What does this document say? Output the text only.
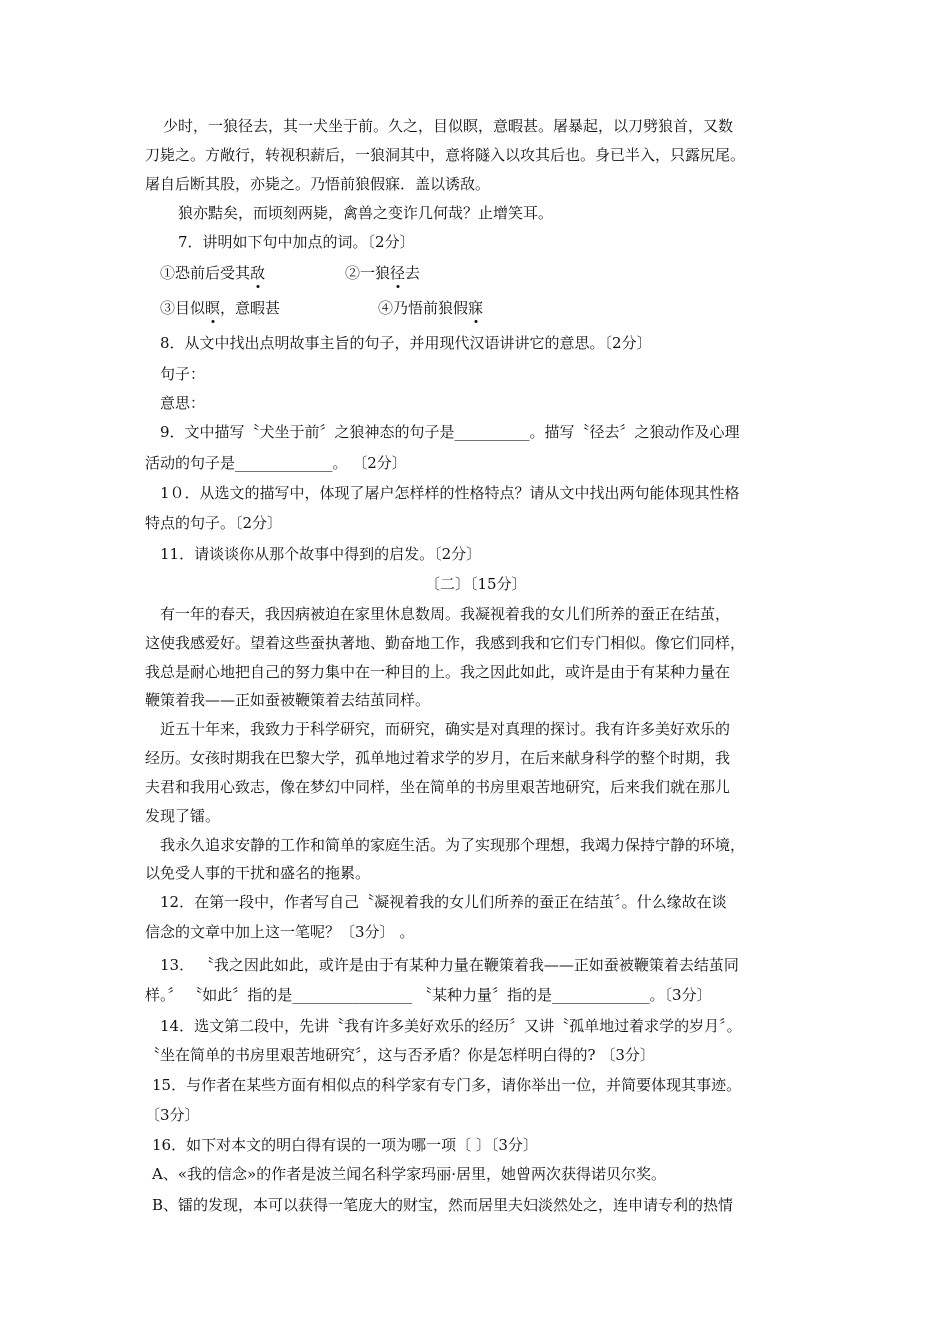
少时，一狼径去，其一犬坐于前。久之，目似瞑，意暇甚。屠暴起，以刀劈狼首，又数
刀毙之。方敞行，转视积薪后，一狼洞其中，意将隧入以攻其后也。身已半入，只露尻尾。
屠自后断其股，亦毙之。乃悟前狼假寐．盖以诱敌。
狼亦黠矣，而顷刻两毙，禽兽之变诈几何哉？止增笑耳。
7．讲明如下句中加点的词。〔2分〕
①恐前后受其敌	②一狼径去
③目似瞑，意暇甚	④乃悟前狼假寐
8．从文中找出点明故事主旨的句子，并用现代汉语讲讲它的意思。〔2分〕
句子：
意思：
9．文中描写〝犬坐于前〞之狼神态的句子是__________。描写〝径去〞之狼动作及心理
活动的句子是_____________。 〔2分〕
1０．从选文的描写中，体现了屠户怎样样的性格特点？请从文中找出两句能体现其性格
特点的句子。〔2分〕
11．请谈谈你从那个故事中得到的启发。〔2分〕
〔二〕〔15分〕
有一年的春天，我因病被迫在家里休息数周。我凝视着我的女儿们所养的蚕正在结茧，
这使我感爱好。望着这些蚕执著地、勤奋地工作，我感到我和它们专门相似。像它们同样，
我总是耐心地把自己的努力集中在一种目的上。我之因此如此，或许是由于有某种力量在
鞭策着我——正如蚕被鞭策着去结茧同样。
近五十年来，我致力于科学研究，而研究，确实是对真理的探讨。我有许多美好欢乐的
经历。女孩时期我在巴黎大学，孤单地过着求学的岁月，在后来献身科学的整个时期，我
夫君和我用心致志，像在梦幻中同样，坐在简单的书房里艰苦地研究，后来我们就在那儿
发现了镭。
我永久追求安静的工作和简单的家庭生活。为了实现那个理想，我竭力保持宁静的环境，
以免受人事的干扰和盛名的拖累。
12．在第一段中，作者写自己〝凝视着我的女儿们所养的蚕正在结茧〞。什么缘故在谈
信念的文章中加上这一笔呢？〔3分〕 。
13． 〝我之因此如此，或许是由于有某种力量在鞭策着我——正如蚕被鞭策着去结茧同
样。〞 〝如此〞指的是________________ 〝某种力量〞指的是_____________。〔3分〕
14．选文第二段中，先讲〝我有许多美好欢乐的经历〞又讲〝孤单地过着求学的岁月〞。
〝坐在简单的书房里艰苦地研究〞，这与否矛盾？你是怎样明白得的? 〔3分〕
15．与作者在某些方面有相似点的科学家有专门多，请你举出一位，并简要体现其事迹。
〔3分〕
16．如下对本文的明白得有误的一项为哪一项〔 〕〔3分〕
A、«我的信念»的作者是波兰闻名科学家玛丽·居里，她曾两次获得诺贝尔奖。
B、镭的发现，本可以获得一笔庞大的财宝，然而居里夫妇淡然处之，连申请专利的热情
